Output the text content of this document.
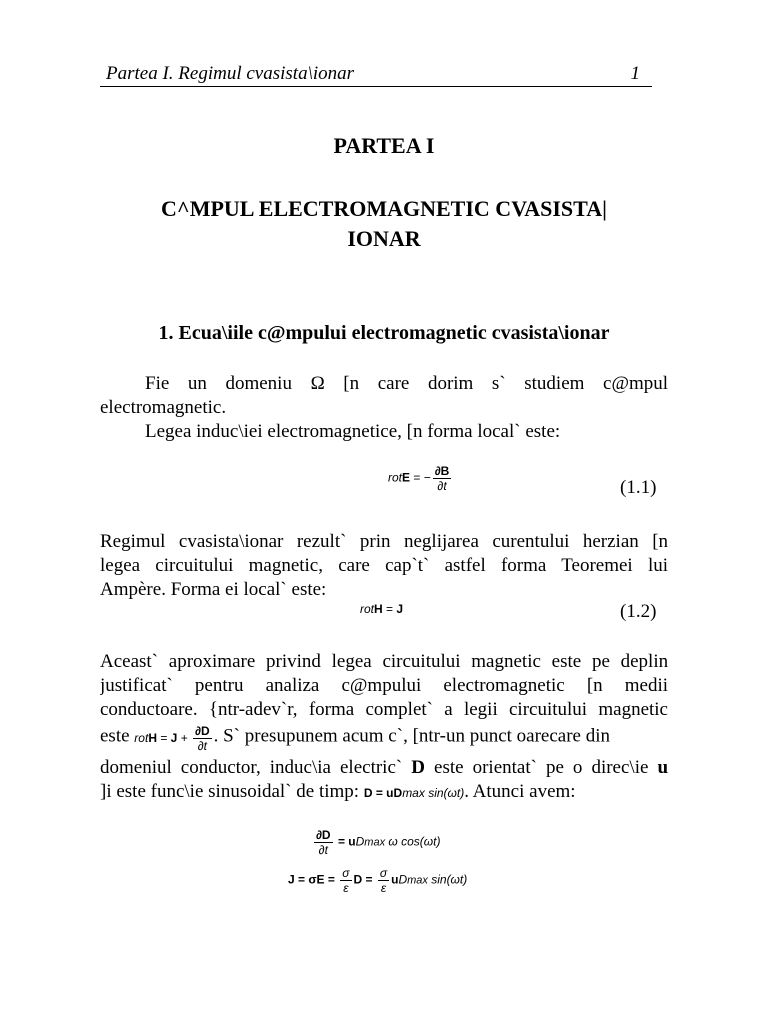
Partea I. Regimul cvasista\ionar	1

PARTEA I
C^MPUL ELECTROMAGNETIC CVASISTA|
IONAR
1. Ecua\iile c@mpului electromagnetic cvasista\ionar
Fie un domeniu Ω [n care dorim s` studiem c@mpul
electromagnetic.
Legea induc\iei electromagnetice, [n forma local` este:
rotE = − $\frac{\partial B}{\partial t}$	(1.1)
Regimul cvasista\ionar rezult` prin neglijarea curentului herzian [n
legea circuitului magnetic, care cap`t` astfel forma Teoremei lui
Ampère. Forma ei local` este:
rotH = J	(1.2)
Aceast` aproximare privind legea circuitului magnetic este pe deplin
justificat` pentru analiza c@mpului electromagnetic [n medii
conductoare. {ntr-adev`r, forma complet` a legii circuitului magnetic
este rotH = $J + \frac{\partial D}{\partial t}$ . S` presupunem acum c`, [ntr-un punct oarecare din
domeniul conductor, induc\ia electric` D este orientat` pe o direc\ie u
]i este func\ie sinusoidal` de timp: D = uDmax sin(ωt). Atunci avem:
$\frac{\partial D}{\partial t} = uDmax$ ω cos(ωt)
$J = \sigma E = \frac{\sigma}{\varepsilon}$ $D = \frac{\sigma}{\varepsilon}$ uDmax sin(ωt)
